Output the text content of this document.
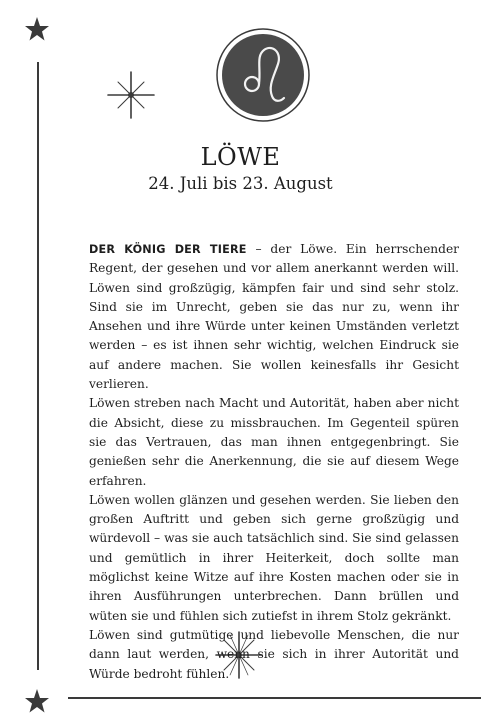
LÖWE
24. Juli bis 23. August

DER KÖNIG DER TIERE – der Löwe. Ein herrschender Regent, der gesehen und vor allem anerkannt werden will. Löwen sind großzügig, kämpfen fair und sind sehr stolz. Sind sie im Unrecht, geben sie das nur zu, wenn ihr Ansehen und ihre Würde unter keinen Umständen verletzt werden – es ist ihnen sehr wichtig, welchen Eindruck sie auf andere machen. Sie wollen keinesfalls ihr Gesicht verlieren.

Löwen streben nach Macht und Autorität, haben aber nicht die Absicht, diese zu missbrauchen. Im Gegenteil spüren sie das Vertrauen, das man ihnen entgegenbringt. Sie genießen sehr die Anerkennung, die sie auf diesem Wege erfahren.

Löwen wollen glänzen und gesehen werden. Sie lieben den großen Auftritt und geben sich gerne großzügig und würdevoll – was sie auch tatsächlich sind. Sie sind gelassen und gemütlich in ihrer Heiterkeit, doch sollte man möglichst keine Witze auf ihre Kosten machen oder sie in ihren Ausführungen unterbrechen. Dann brüllen und wüten sie und fühlen sich zutiefst in ihrem Stolz gekränkt.

Löwen sind gutmütige und liebevolle Menschen, die nur dann laut werden, wenn sie sich in ihrer Autorität und Würde bedroht fühlen.
